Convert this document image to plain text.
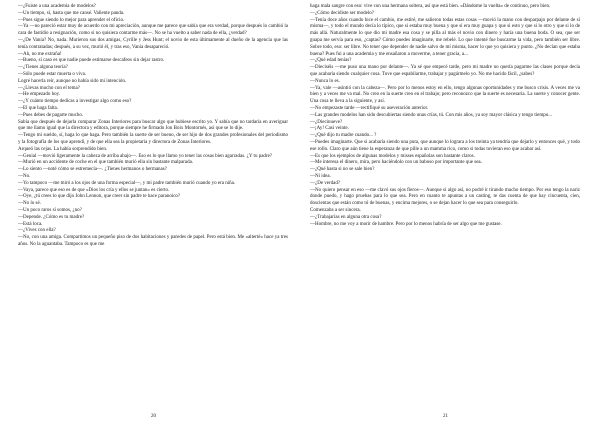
—¿Fuiste a una academia de modelos?

—Un tiempo, sí, hasta que me cansé. Valiente panda.

—Pues sigue siendo lo mejor para aprender el oficio.

—Ya —no pareció estar muy de acuerdo con mi apreciación, aunque me parece que sabía que era verdad, porque después lo cambió la cara de fastidio a resignación, como si no quisiera contarme más—. No se ha vuelto a saber nada de ella, ¿verdad?

—¿De Vania? No, nada. Murieron sus dos amigas, Cyrille y Jess Hunt; el novio de esta últimamente al dueño de la agencia que las tenía contratadas; después, a su vez, murió él, y tras eso, Vania desapareció.

—Ah, no me extraña!

—Bueno, sí caso es que nadie puede estimarse descafeos sin dejar rastro.

—¿Tienes alguna teoría?

—Sólo puede estar muerta o viva.

Logré hacerla reír, aunque no había sido mi intención.

—¿Llevas mucho con el tema?

—He empezado hoy.

—¿Y cuánto tiempo dedicas a investigar algo como eso?

—El que haga falta.

—Pues debes de pagarte mucho.

Sabía que después de dejarla comparar Zonas Interiores para buscar algo que hubiese escrito yo. Y sabía que no tardaría en averiguar que me llamo igual que la directora y editora, porque siempre he firmado Jon Boix Montornés, así que se lo dije.

—Tengo mi sueldo, sí, haga lo que haga. Pero también la suerte de ser bueno, de ser hijo de dos grandes profesionales del periodismo y la fotografía de los que aprendí, y de que ella sea la propietaria y directora de Zonas Interiores.

Arqueó las cejas. La había sorprendido bien.

—Genial —movió ligeramente la cabeza de arriba abajo—. Eso es lo que llamo yo tener las cosas bien agarradas. ¿Y tu padre?

—Murió en un accidente de coche en el que también murió ella sin bastante malparada.

—Lo siento —noté cómo se estremecía—. ¿Tienes hermanos o hermanas?

—No.

—Yo tampoco —me miró a los ojos de una forma especial—, y mi padre también murió cuando yo era niña.

—Vaya, parece que eso es de que «Dios los cría y ellos se juntan» es cierto.

—Oye, ¿tú crees lo que dijo John Lennon, que creer sin padre te hace paranoico?

—No lo sé.

—Un poco raros sí somos, ¿no?

—Depende. ¿Cómo es tu madre?

—Está loca.

—¿Vives con ella?

—No, con una amiga. Compartimos un pequeño piso de dos habitaciones y paredes de papel. Pero está bien. Me «alterté» hace ya tres años. No la aguantaba. Tampoco es que me

20

haga mala sangre con eso: vive con una hermana soltera, así que está bien. «Dándome la vuelta» de continuo, pero bien.

—¿Cómo decidiste ser modelo?

—Tenía doce años cuando hice el cambio, me estiré, me salieron todas estas cosas —movió la mano con desparpajo por delante de sí misma—, y todo el mundo decía lo típico, que si estaba muy buena y que si era muy guapa y que si esto y que si lo otro y que si lo de más allá. Naturalmente lo que dio mi madre esa cosa y se pilla al más el novio con dinero y haría una buena boda. O sea, que ser guapa me servía para eso, ¿captas? Cómo puedes imaginarte, me rebelé. Lo que intenté fue buscarme la vida, pero también ser libre. Sobre todo, eso: ser libre. No tener que depender de nadie salvo de mí misma, hacer lo que yo quisiera y punto. ¿No decían que estaba buena? Pues fui a una academia y me ensañaron a moverme, a tener gracia, a...

—¿Qué edad tenías?

—Dieciséis —me puso una mano por delante—. Ya sé que empecé tarde, pero mi madre no quería pagarme las clases porque decía que acabaría siendo cualquier cosa. Tuve que espabilarme, trabajar y pagármelo yo. No me hacido fácil, ¿sabes?

—Nunca lo es.

—Ya, vale —asintió con la cabeza—. Pero por lo menos estoy en ello, tengo algunas oportunidades y me busco crisis. A veces me va bien y a veces me va mal. No creo en la suerte creo en el trabajo; pero reconozco que la suerte es necesaria. La suerte y conocer gente. Una cosa te lleva a la siguiente, y así.

—No empezaste tarde —rectifiqué su aseveración anterior.

—Las grandes modelos han sido descubiertas siendo unas crías, tú. Con mis años, ya soy mayor clásica y tengo tiempo...

—¿Diecinueve?

—¡Ay! Casi veinte.

—¿Qué dijo tu madre cuando... ?

—Puedes imaginarte. Que si acabaría siendo una puta, que aunque lo lograra a los treinta ya tendría que dejarlo y entonces qué, y todo ese rollo. Claro que aún tiene la esperanza de que pille a un mamma rico, como si todas tuvieran eso que acabar así.

—Es que los ejemplos de algunas modelos y misses españolas son bastante claros.

—Me interesa el dinero, mira, pero haciéndolo con un baboso por importante que sea.

—¿Qué hasta si no se sale bien?

—Ni idea.

—¿De verdad?

—No quiero pensar en eso —me clavó sus ojos fieros—. Aunque si algo así, no podré ir tirando mucho tiempo. Por eso tengo la nariz donde puedo, y hago pruebas para lo que sea. Pero en cuanto te apuntas a un casting, te das cuenta de que hay cincuenta, cien, doscientas que están como tú de buenas, y encima mejores, o se dejan hacer lo que sea para conseguirlo.

Comenzaba a ser sincera.

—¿Trabajarías en alguna otra cosa?

—Hombre, no me voy a morir de hambre. Pero por lo menos habría de ser algo que me gustase.

21
